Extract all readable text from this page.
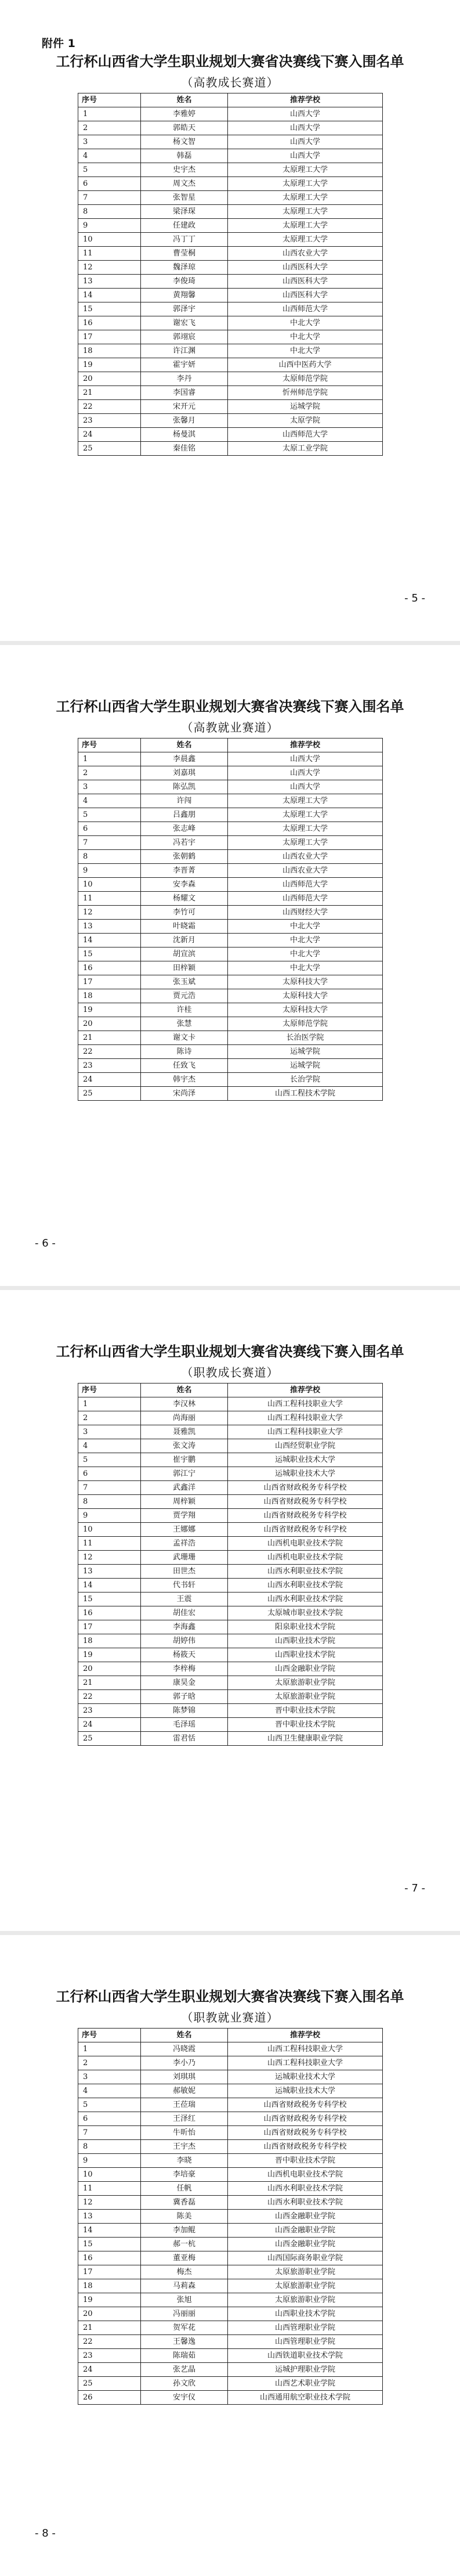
附件 1
工行杯山西省大学生职业规划大赛省决赛线下赛入围名单
（高教成长赛道）
序号	姓名	推荐学校
1	李雅婷	山西大学
2	郭皓天	山西大学
3	杨文智	山西大学
4	韩磊	山西大学
5	史宇杰	太原理工大学
6	周文杰	太原理工大学
7	张智星	太原理工大学
8	梁泽琛	太原理工大学
9	任建政	太原理工大学
10	冯丁丁	太原理工大学
11	曹莹桐	山西农业大学
12	魏泽琼	山西医科大学
13	李俊琦	山西医科大学
14	黄翔馨	山西医科大学
15	郭泽宇	山西师范大学
16	谢宏飞	中北大学
17	郭翊宸	中北大学
18	许江渊	中北大学
19	霍宇妍	山西中医药大学
20	李丹	太原师范学院
21	李国睿	忻州师范学院
22	宋开元	运城学院
23	张馨月	太原学院
24	杨曼淇	山西师范大学
25	秦佳铭	太原工业学院
- 5 -
工行杯山西省大学生职业规划大赛省决赛线下赛入围名单
（高教就业赛道）
序号	姓名	推荐学校
1	李晨鑫	山西大学
2	刘嘉琪	山西大学
3	陈弘凯	山西大学
4	许闯	太原理工大学
5	吕鑫朋	太原理工大学
6	张志峰	太原理工大学
7	冯若宇	太原理工大学
8	张朝鹤	山西农业大学
9	李晋菁	山西农业大学
10	安李森	山西师范大学
11	杨耀文	山西师范大学
12	李竹可	山西财经大学
13	叶晓霜	中北大学
14	沈新月	中北大学
15	胡宣滨	中北大学
16	田梓颖	中北大学
17	张玉斌	太原科技大学
18	贾元浩	太原科技大学
19	许桂	太原科技大学
20	张慧	太原师范学院
21	谢文卡	长治医学院
22	陈诗	运城学院
23	任致飞	运城学院
24	韩宇杰	长治学院
25	宋尚泽	山西工程技术学院
- 6 -
工行杯山西省大学生职业规划大赛省决赛线下赛入围名单
（职教成长赛道）
序号	姓名	推荐学校
1	李汉林	山西工程科技职业大学
2	尚海丽	山西工程科技职业大学
3	聂雅凯	山西工程科技职业大学
4	张文涛	山西经贸职业学院
5	崔宇鹏	运城职业技术大学
6	郭江宁	运城职业技术大学
7	武鑫洋	山西省财政税务专科学校
8	周梓颖	山西省财政税务专科学校
9	贾学翔	山西省财政税务专科学校
10	王娜娜	山西省财政税务专科学校
11	孟祥浩	山西机电职业技术学院
12	武珊珊	山西机电职业技术学院
13	田世杰	山西水利职业技术学院
14	代书轩	山西水利职业技术学院
15	王震	山西水利职业技术学院
16	胡佳宏	太原城市职业技术学院
17	李海鑫	阳泉职业技术学院
18	胡婷伟	山西职业技术学院
19	杨筱天	山西职业技术学院
20	李梓梅	山西金融职业学院
21	康昊金	太原旅游职业学院
22	郭子晗	太原旅游职业学院
23	陈梦锦	晋中职业技术学院
24	毛泽瑶	晋中职业技术学院
25	雷君恬	山西卫生健康职业学院
- 7 -
工行杯山西省大学生职业规划大赛省决赛线下赛入围名单
（职教就业赛道）
序号	姓名	推荐学校
1	冯晓霞	山西工程科技职业大学
2	李小乃	山西工程科技职业大学
3	刘琪琪	运城职业技术大学
4	郝敏妮	运城职业技术大学
5	王莅瑞	山西省财政税务专科学校
6	王泽红	山西省财政税务专科学校
7	牛昕怡	山西省财政税务专科学校
8	王宇杰	山西省财政税务专科学校
9	李晓	晋中职业技术学院
10	李培豪	山西机电职业技术学院
11	任帆	山西水利职业技术学院
12	冀香磊	山西水利职业技术学院
13	陈美	山西金融职业学院
14	李加鲲	山西金融职业学院
15	郝一杭	山西金融职业学院
16	董亚梅	山西国际商务职业学院
17	梅杰	太原旅游职业学院
18	马莉森	太原旅游职业学院
19	张旭	太原旅游职业学院
20	冯丽丽	山西职业技术学院
21	贺军花	山西管理职业学院
22	王馨逸	山西管理职业学院
23	陈瑞茹	山西铁道职业技术学院
24	张艺晶	运城护理职业学院
25	孙文欣	山西艺术职业学院
26	安宇仪	山西通用航空职业技术学院
- 8 -
